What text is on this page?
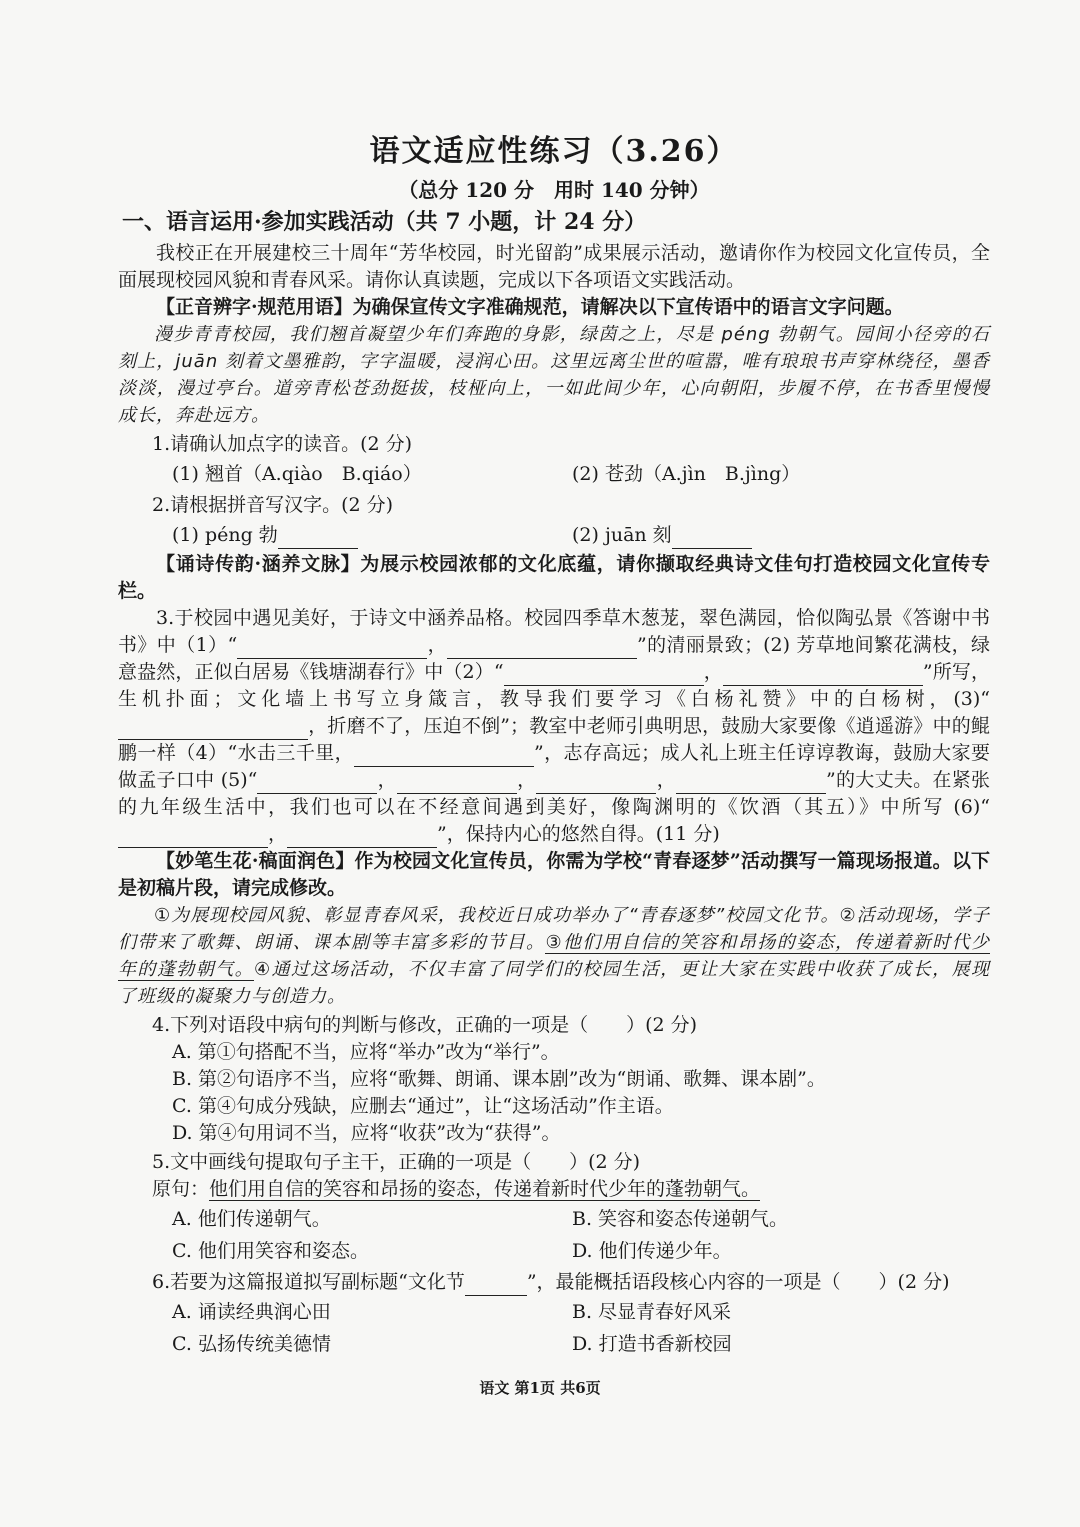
语文适应性练习（3.26）
（总分 120 分　用时 140 分钟）
一、语言运用·参加实践活动（共 7 小题，计 24 分）

我校正在开展建校三十周年“芳华校园，时光留韵”成果展示活动，邀请你作为校园文化宣传员，全面展现校园风貌和青春风采。请你认真读题，完成以下各项语文实践活动。

【正音辨字·规范用语】为确保宣传文字准确规范，请解决以下宣传语中的语言文字问题。

漫步青青校园，我们翘首凝望少年们奔跑的身影，绿茵之上，尽是 péng 勃朝气。园间小径旁的石刻上，juān 刻着文墨雅韵，字字温暖，浸润心田。这里远离尘世的喧嚣，唯有琅琅书声穿林绕径，墨香淡淡，漫过亭台。道旁青松苍劲挺拔，枝桠向上，一如此间少年，心向朝阳，步履不停，在书香里慢慢成长，奔赴远方。

1.请确认加点字的读音。(2 分)
(1) 翘首（A.qiào　B.qiáo）	(2) 苍劲（A.jìn　B.jìng）
2.请根据拼音写汉字。(2 分)
(1) péng 勃	(2) juān 刻

【诵诗传韵·涵养文脉】为展示校园浓郁的文化底蕴，请你撷取经典诗文佳句打造校园文化宣传专栏。

3.于校园中遇见美好，于诗文中涵养品格。校园四季草木葱茏，翠色满园，恰似陶弘景《答谢中书书》中（1）“	，	”的清丽景致；(2) 芳草地间繁花满枝，绿意盎然，正似白居易《钱塘湖春行》中（2）“	，	”所写，生机扑面；文化墙上书写立身箴言，教导我们要学习《白杨礼赞》中的白杨树，(3)“，折磨不了，压迫不倒”；教室中老师引典明思，鼓励大家要像《逍遥游》中的鲲鹏一样（4）“水击三千里，	”，志存高远；成人礼上班主任谆谆教诲，鼓励大家要做孟子口中 (5)“	，	，	，	”的大丈夫。在紧张的九年级生活中，我们也可以在不经意间遇到美好，像陶渊明的《饮酒（其五）》中所写 (6)“，	”，保持内心的悠然自得。(11 分)

【妙笔生花·稿面润色】作为校园文化宣传员，你需为学校“青春逐梦”活动撰写一篇现场报道。以下是初稿片段，请完成修改。

①为展现校园风貌、彰显青春风采，我校近日成功举办了“青春逐梦”校园文化节。②活动现场，学子们带来了歌舞、朗诵、课本剧等丰富多彩的节目。③他们用自信的笑容和昂扬的姿态，传递着新时代少年的蓬勃朝气。④通过这场活动，不仅丰富了同学们的校园生活，更让大家在实践中收获了成长，展现了班级的凝聚力与创造力。

4.下列对语段中病句的判断与修改，正确的一项是（　　）(2 分)
A. 第①句搭配不当，应将“举办”改为“举行”。
B. 第②句语序不当，应将“歌舞、朗诵、课本剧”改为“朗诵、歌舞、课本剧”。
C. 第④句成分残缺，应删去“通过”，让“这场活动”作主语。
D. 第④句用词不当，应将“收获”改为“获得”。
5.文中画线句提取句子主干，正确的一项是（　　）(2 分)
原句：他们用自信的笑容和昂扬的姿态，传递着新时代少年的蓬勃朝气。
A. 他们传递朝气。	B. 笑容和姿态传递朝气。
C. 他们用笑容和姿态。	D. 他们传递少年。
6.若要为这篇报道拟写副标题“文化节	”，最能概括语段核心内容的一项是（　　）(2 分)
A. 诵读经典润心田	B. 尽显青春好风采
C. 弘扬传统美德情	D. 打造书香新校园
语文 第1页 共6页
